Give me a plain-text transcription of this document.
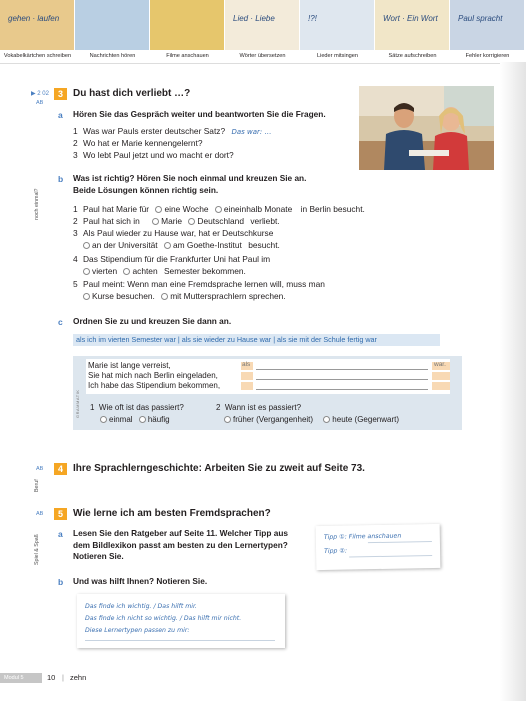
gehen · laufen	Lied · Liebe	!?!	Wort · Ein Wort	Paul spracht
Vokabelkärtchen schreiben	Nachrichten hören	Filme anschauen	Wörter übersetzen	Lieder mitsingen	Sätze aufschreiben	Fehler korrigieren
▶ 2 02
AB
3	Du hast dich verliebt …?
a Hören Sie das Gespräch weiter und beantworten Sie die Fragen.
1 Was war Pauls erster deutscher Satz? Das war: …
2 Wo hat er Marie kennengelernt?
3 Wo lebt Paul jetzt und wo macht er dort?
noch einmal?
b Was ist richtig? Hören Sie noch einmal und kreuzen Sie an.
Beide Lösungen können richtig sein.
1 Paul hat Marie für eine Woche eineinhalb Monate in Berlin besucht.
2 Paul hat sich in	Marie Deutschland verliebt.
3 Als Paul wieder zu Hause war, hat er Deutschkurse
an der Universität am Goethe-Institut besucht.
4 Das Stipendium für die Frankfurter Uni hat Paul im
vierten achten Semester bekommen.
5 Paul meint: Wenn man eine Fremdsprache lernen will, muss man
Kurse besuchen. mit Muttersprachlern sprechen.
c Ordnen Sie zu und kreuzen Sie dann an.
als ich im vierten Semester war | als sie wieder zu Hause war | als sie mit der Schule fertig war
GRAMMATIK
Marie ist lange verreist,
Sie hat mich nach Berlin eingeladen,
Ich habe das Stipendium bekommen,
als	war.
1 Wie oft ist das passiert?
einmal häufig
2 Wann ist es passiert?
früher (Vergangenheit) heute (Gegenwart)
AB	4	Ihre Sprachlerngeschichte: Arbeiten Sie zu zweit auf Seite 73.
Beruf
AB	5	Wie lerne ich am besten Fremdsprachen?
Spiel & Spaß
a Lesen Sie den Ratgeber auf Seite 11. Welcher Tipp aus
dem Bildlexikon passt am besten zu den Lernertypen?
Notieren Sie.
Tipp ①: Filme anschauen
Tipp ②:
b Und was hilft Ihnen? Notieren Sie.
Das finde ich wichtig. / Das hilft mir.
Das finde ich nicht so wichtig. / Das hilft mir nicht.
Diese Lernertypen passen zu mir:
Modul 5	10 | zehn
